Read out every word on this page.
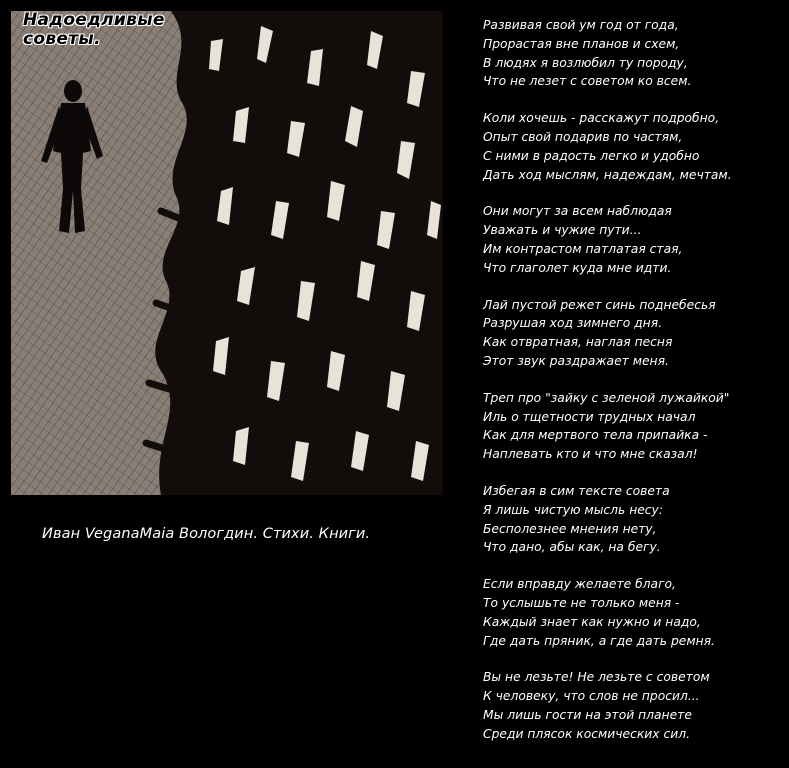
Надоедливые
советы.

Иван VeganaMaia Вологдин. Стихи. Книги.

Развивая свой ум год от года,
Прорастая вне планов и схем,
В людях я возлюбил ту породу,
Что не лезет с советом ко всем.
Коли хочешь - расскажут подробно,
Опыт свой подарив по частям,
С ними в радость легко и удобно
Дать ход мыслям, надеждам, мечтам.
Они могут за всем наблюдая
Уважать и чужие пути...
Им контрастом патлатая стая,
Что глаголет куда мне идти.
Лай пустой режет синь поднебесья
Разрушая ход зимнего дня.
Как отвратная, наглая песня
Этот звук раздражает меня.
Треп про "зайку с зеленой лужайкой"
Иль о тщетности трудных начал
Как для мертвого тела припайка -
Наплевать кто и что мне сказал!
Избегая в сим тексте совета
Я лишь чистую мысль несу:
Бесполезнее мнения нету,
Что дано, абы как, на бегу.
Если вправду желаете благо,
То услышьте не только меня -
Каждый знает как нужно и надо,
Где дать пряник, а где дать ремня.
Вы не лезьте! Не лезьте с советом
К человеку, что слов не просил...
Мы лишь гости на этой планете
Среди плясок космических сил.
